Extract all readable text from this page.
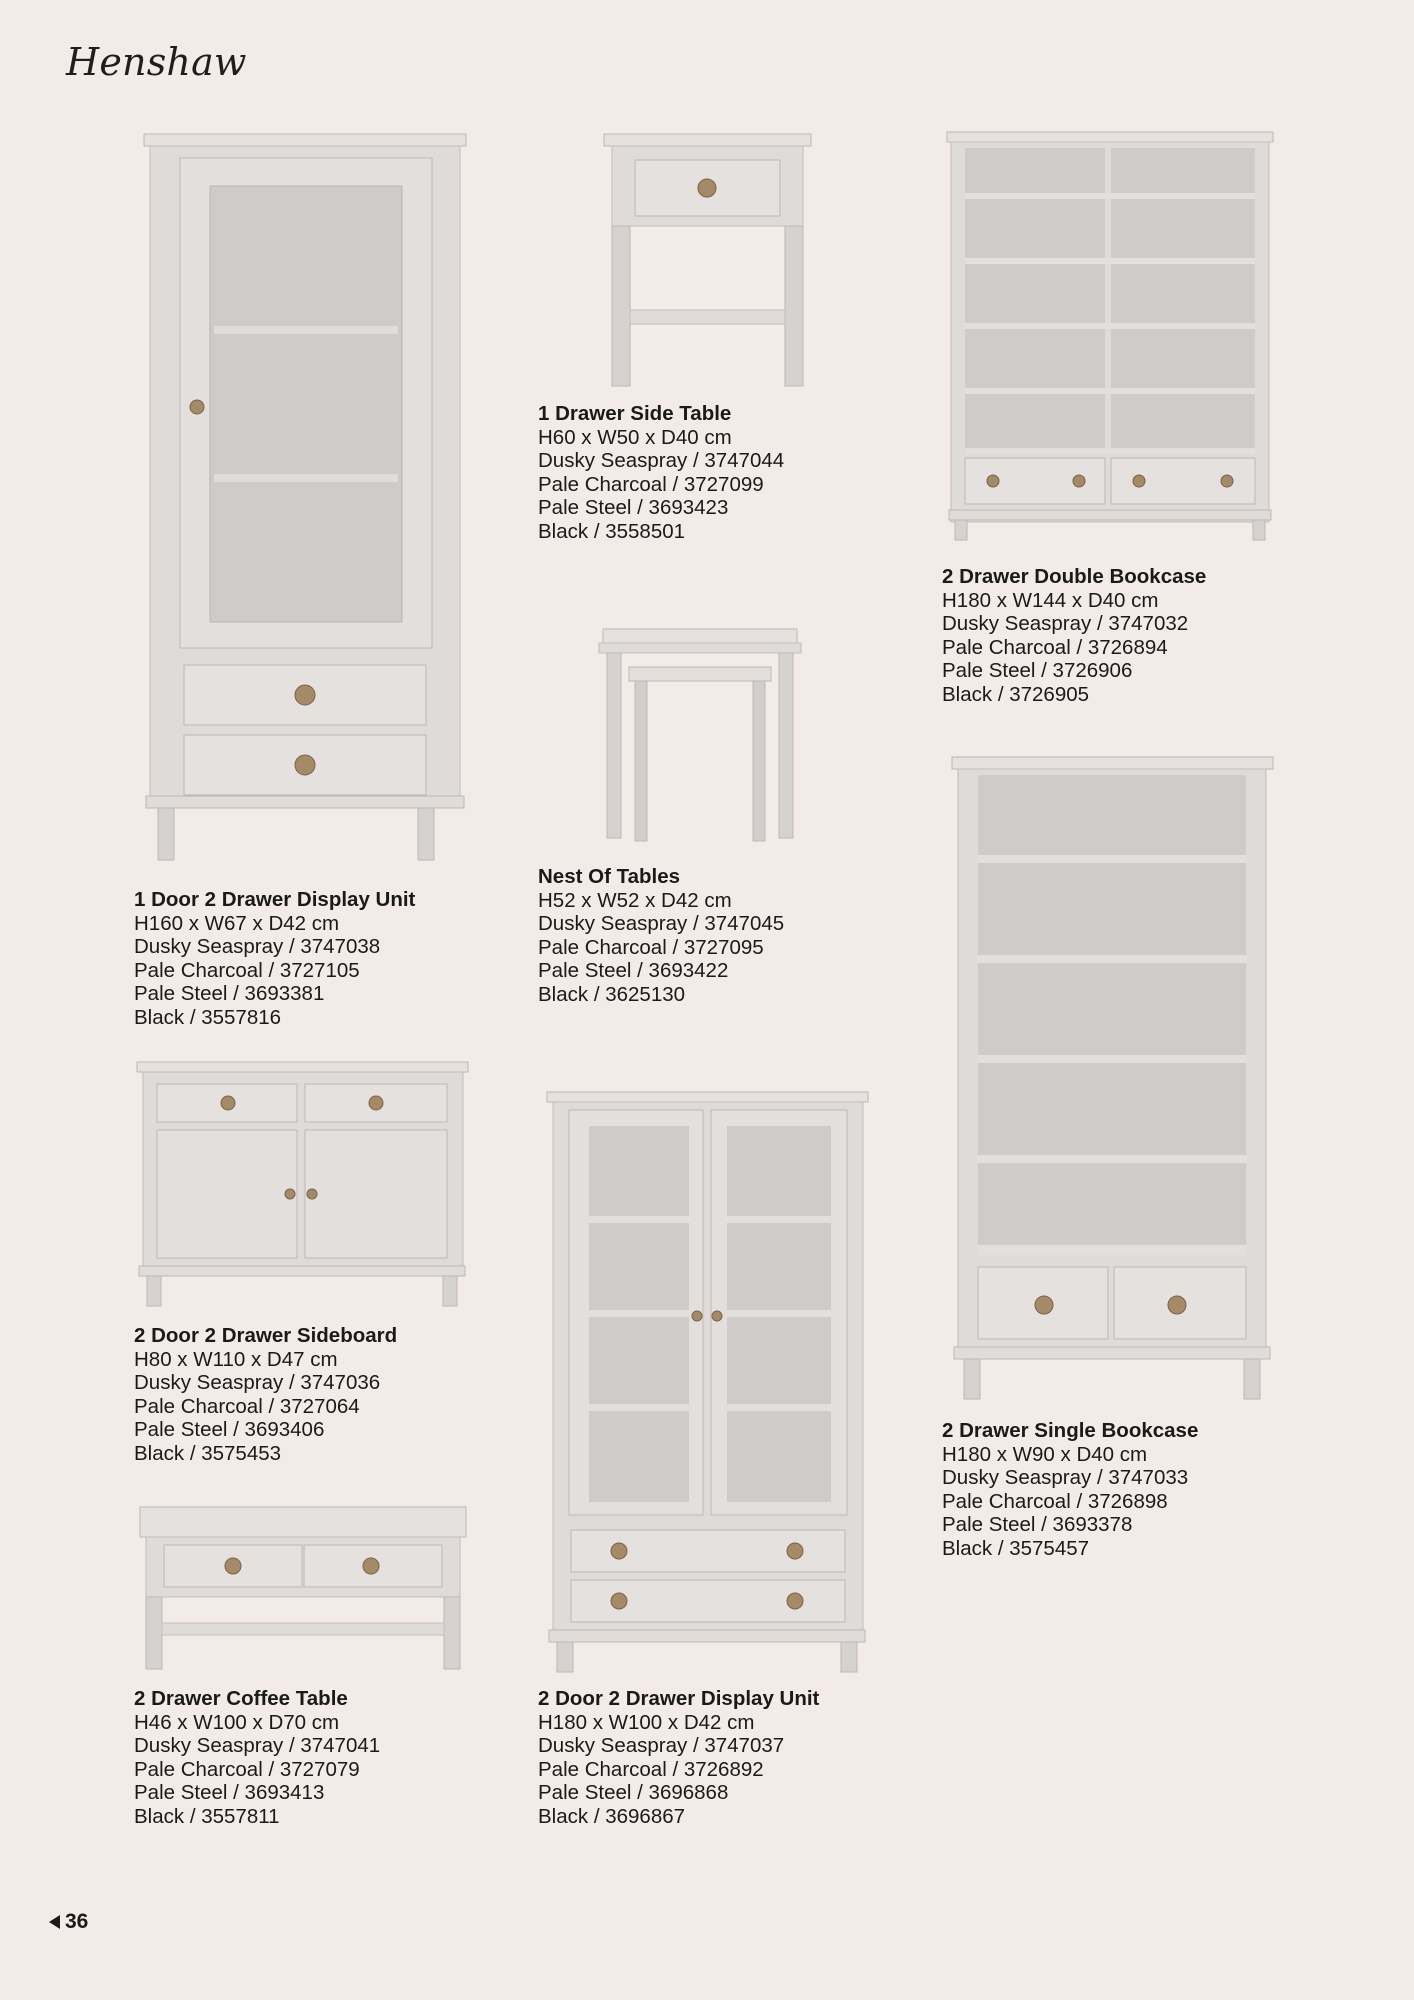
Henshaw
1 Door 2 Drawer Display Unit
H160 x W67 x D42 cm
Dusky Seaspray / 3747038
Pale Charcoal / 3727105
Pale Steel / 3693381
Black / 3557816
1 Drawer Side Table
H60 x W50 x D40 cm
Dusky Seaspray / 3747044
Pale Charcoal / 3727099
Pale Steel / 3693423
Black / 3558501
Nest Of Tables
H52 x W52 x D42 cm
Dusky Seaspray / 3747045
Pale Charcoal / 3727095
Pale Steel / 3693422
Black / 3625130
2 Drawer Double Bookcase
H180 x W144 x D40 cm
Dusky Seaspray / 3747032
Pale Charcoal / 3726894
Pale Steel / 3726906
Black / 3726905
2 Drawer Single Bookcase
H180 x W90 x D40 cm
Dusky Seaspray / 3747033
Pale Charcoal / 3726898
Pale Steel / 3693378
Black / 3575457
2 Door 2 Drawer Sideboard
H80 x W110 x D47 cm
Dusky Seaspray / 3747036
Pale Charcoal / 3727064
Pale Steel / 3693406
Black / 3575453
2 Drawer Coffee Table
H46 x W100 x D70 cm
Dusky Seaspray / 3747041
Pale Charcoal / 3727079
Pale Steel / 3693413
Black / 3557811
2 Door 2 Drawer Display Unit
H180 x W100 x D42 cm
Dusky Seaspray / 3747037
Pale Charcoal / 3726892
Pale Steel / 3696868
Black / 3696867
36
